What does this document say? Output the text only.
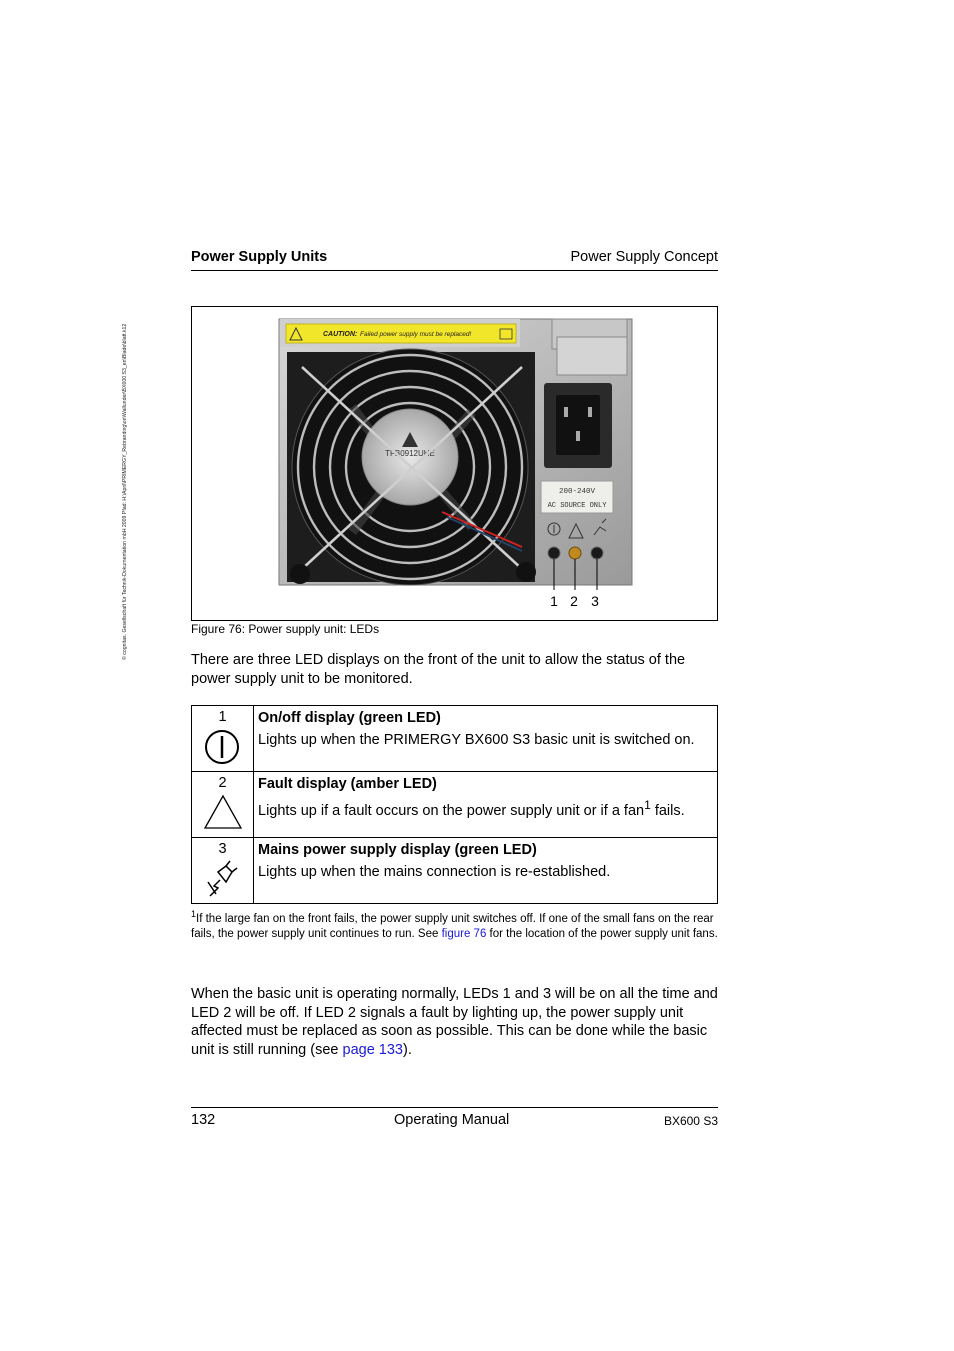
© cognitas. Gesellschaft für Technik-Dokumentation mbH 2009 Pfad: H:\April\PRIMERGY_Rebranding\on\Wallunder\BX600 S3_en\Blade\blatt.k12
Power Supply Units	Power Supply Concept
CAUTION: Failed power supply must be replaced!
TFB0912UHE
200-240V
AC SOURCE ONLY
1 2 3
Figure 76: Power supply unit: LEDs
There are three LED displays on the front of the unit to allow the status of the power supply unit to be monitored.
1	On/off display (green LED)
Lights up when the PRIMERGY BX600 S3 basic unit is switched on.

2	Fault display (amber LED)
Lights up if a fault occurs on the power supply unit or if a fan$^1$ fails.

3	Mains power supply display (green LED)
Lights up when the mains connection is re-established.
$^1$If the large fan on the front fails, the power supply unit switches off. If one of the small fans on the rear fails, the power supply unit continues to run. See figure 76 for the location of the power supply unit fans.
When the basic unit is operating normally, LEDs 1 and 3 will be on all the time and LED 2 will be off. If LED 2 signals a fault by lighting up, the power supply unit affected must be replaced as soon as possible. This can be done while the basic unit is still running (see page 133).
132	Operating Manual	BX600 S3
